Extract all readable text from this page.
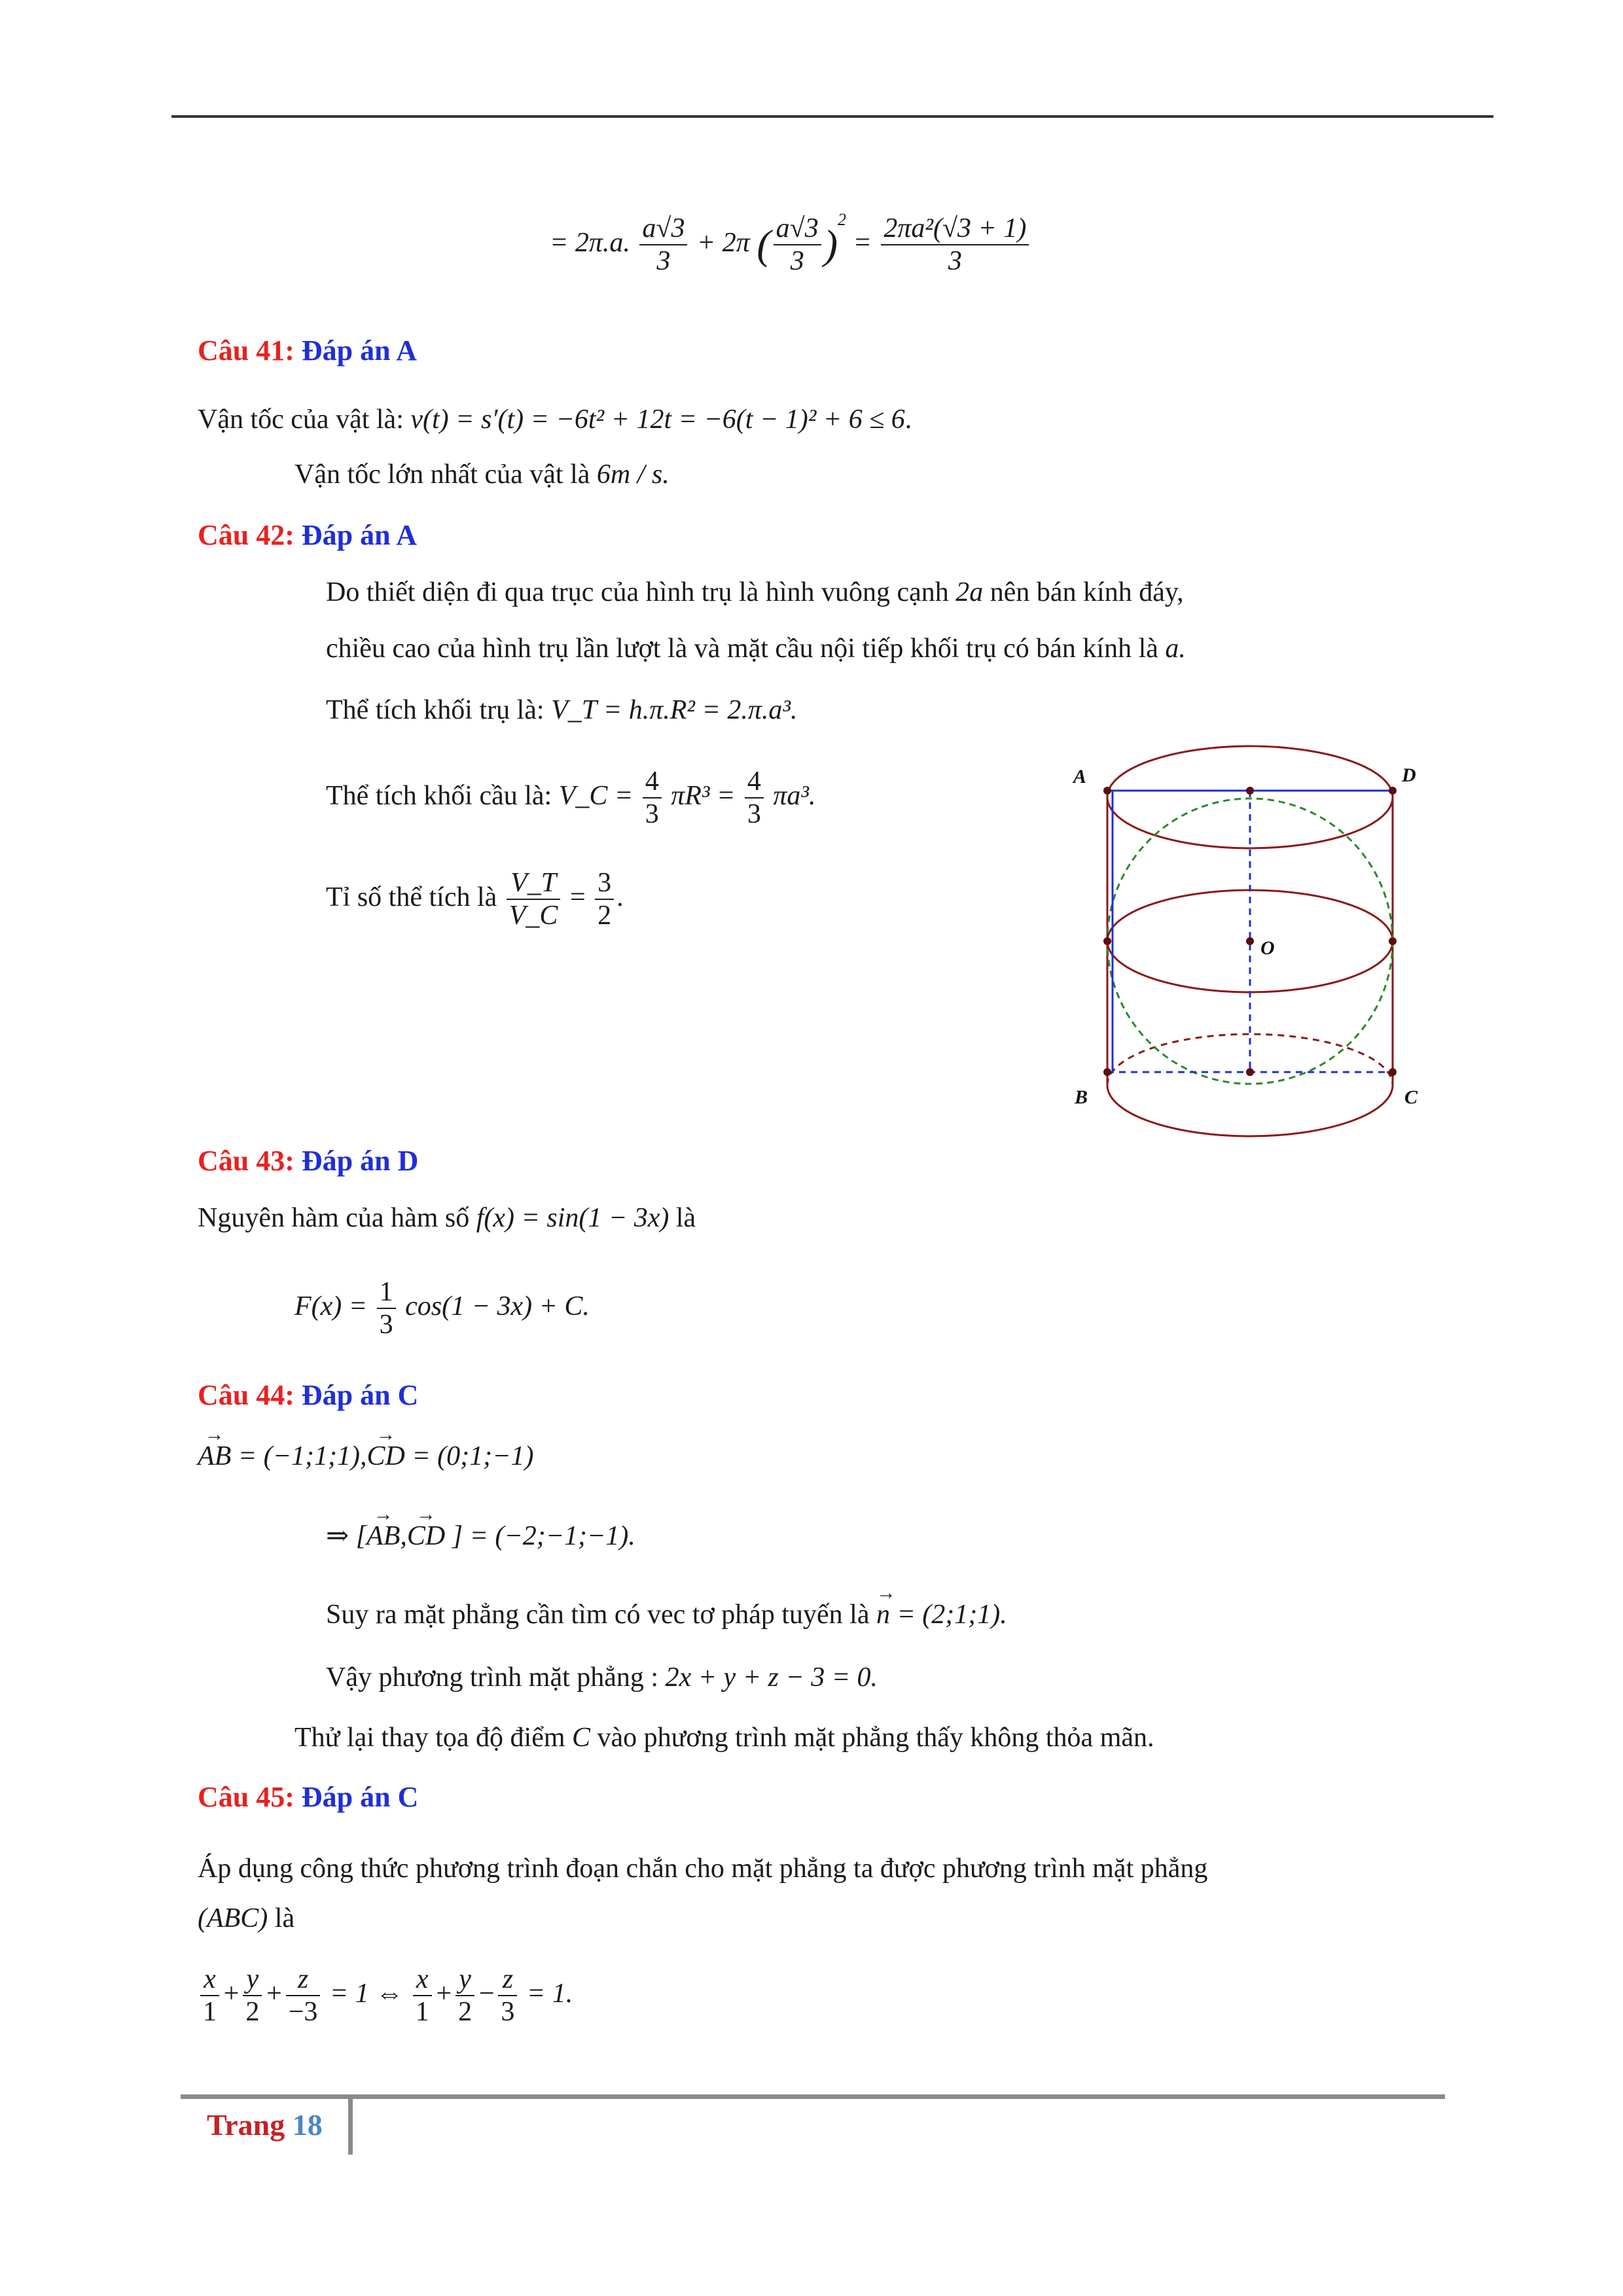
= 2π.a. $\frac{a√3}{3} + 2\pi$ ( $\frac{a√3}{3} )^2 = \frac{\text{2πa²(√3 + 1)}}{3}$
Câu 41: Đáp án A
Vận tốc của vật là: v(t) = s′(t) = −6t² + 12t = −6(t − 1)² + 6 ≤ 6.
Vận tốc lớn nhất của vật là 6m / s.
Câu 42: Đáp án A
Do thiết diện đi qua trục của hình trụ là hình vuông cạnh 2a nên bán kính đáy,
chiều cao của hình trụ lần lượt là và mặt cầu nội tiếp khối trụ có bán kính là a.
Thể tích khối trụ là: V_T = h.π.R² = 2.π.a³.
Thể tích khối cầu là: V_C = $\frac{4}{3} \pi R^3 = \frac{4}{3} \pi a^3$.
Tỉ số thể tích là $\frac{V\_T}{V\_C} = \frac{3}{2}$ .
A	D
O
B	C
Câu 43: Đáp án D
Nguyên hàm của hàm số f(x) = sin(1 − 3x) là
$F(x) = \frac{1}{3} \cos(1 - 3x) + C$.
Câu 44: Đáp án C
→ AB = (−1;1;1),→ CD = (0;1;−1)
⇒ [→ AB,→ CD ] = (−2;−1;−1).
Suy ra mặt phẳng cần tìm có vec tơ pháp tuyến là → n = (2;1;1).
Vậy phương trình mặt phẳng : 2x + y + z − 3 = 0.
Thử lại thay tọa độ điểm C vào phương trình mặt phẳng thấy không thỏa mãn.
Câu 45: Đáp án C
Áp dụng công thức phương trình đoạn chắn cho mặt phẳng ta được phương trình mặt phẳng
(ABC) là
$\frac{x}{1} + \frac{y}{2} + \frac{z}{-3} = 1$ ⇔ $\frac{x}{1} + \frac{y}{2} - \frac{z}{3} = 1$.
Trang 18
